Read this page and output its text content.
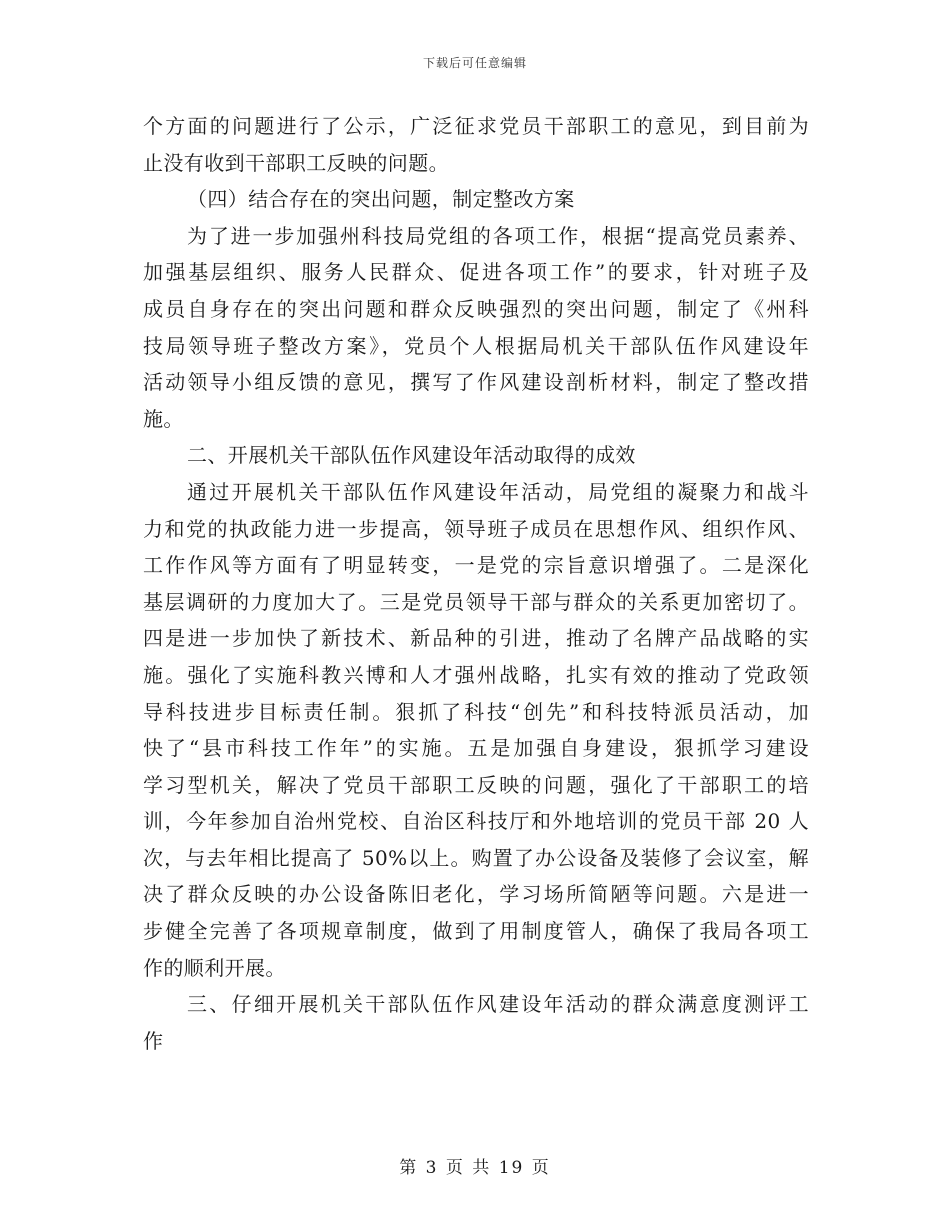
下载后可任意编辑
个方面的问题进行了公示，广泛征求党员干部职工的意见，到目前为
止没有收到干部职工反映的问题。
（四）结合存在的突出问题，制定整改方案
为了进一步加强州科技局党组的各项工作，根据“提高党员素养、
加强基层组织、服务人民群众、促进各项工作”的要求，针对班子及
成员自身存在的突出问题和群众反映强烈的突出问题，制定了《州科
技局领导班子整改方案》，党员个人根据局机关干部队伍作风建设年
活动领导小组反馈的意见，撰写了作风建设剖析材料，制定了整改措
施。
二、开展机关干部队伍作风建设年活动取得的成效
通过开展机关干部队伍作风建设年活动，局党组的凝聚力和战斗
力和党的执政能力进一步提高，领导班子成员在思想作风、组织作风、
工作作风等方面有了明显转变，一是党的宗旨意识增强了。二是深化
基层调研的力度加大了。三是党员领导干部与群众的关系更加密切了。
四是进一步加快了新技术、新品种的引进，推动了名牌产品战略的实
施。强化了实施科教兴博和人才强州战略，扎实有效的推动了党政领
导科技进步目标责任制。狠抓了科技“创先”和科技特派员活动，加
快了“县市科技工作年”的实施。五是加强自身建设，狠抓学习建设
学习型机关，解决了党员干部职工反映的问题，强化了干部职工的培
训，今年参加自治州党校、自治区科技厅和外地培训的党员干部 20 人
次，与去年相比提高了 50%以上。购置了办公设备及装修了会议室，解
决了群众反映的办公设备陈旧老化，学习场所简陋等问题。六是进一
步健全完善了各项规章制度，做到了用制度管人，确保了我局各项工
作的顺利开展。
三、仔细开展机关干部队伍作风建设年活动的群众满意度测评工
作
第 3 页 共 19 页
